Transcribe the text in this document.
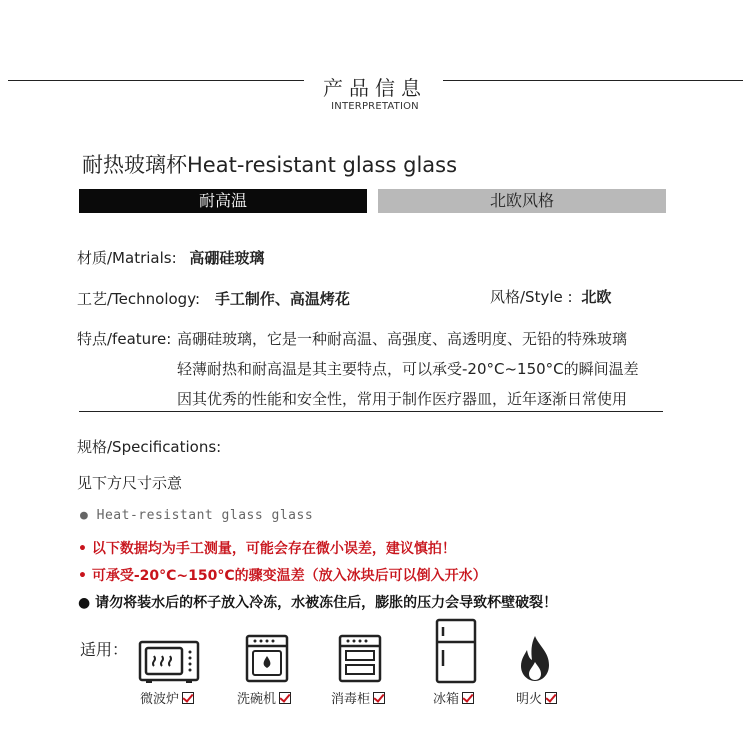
产品信息
INTERPRETATION
耐热玻璃杯Heat-resistant glass glass
耐高温	北欧风格
材质/Matrials: 高硼硅玻璃
工艺/Technology: 手工制作、高温烤花	风格/Style : 北欧
特点/feature: 高硼硅玻璃，它是一种耐高温、高强度、高透明度、无铅的特殊玻璃
轻薄耐热和耐高温是其主要特点，可以承受-20°C~150°C的瞬间温差
因其优秀的性能和安全性，常用于制作医疗器皿，近年逐渐日常使用
规格/Specifications:
见下方尺寸示意
● Heat-resistant glass glass
• 以下数据均为手工测量，可能会存在微小误差，建议慎拍！
• 可承受-20°C~150°C的骤变温差（放入冰块后可以倒入开水）
● 请勿将装水后的杯子放入冷冻，水被冻住后，膨胀的压力会导致杯壁破裂！
适用：
微波炉	洗碗机	消毒柜	冰箱	明火
